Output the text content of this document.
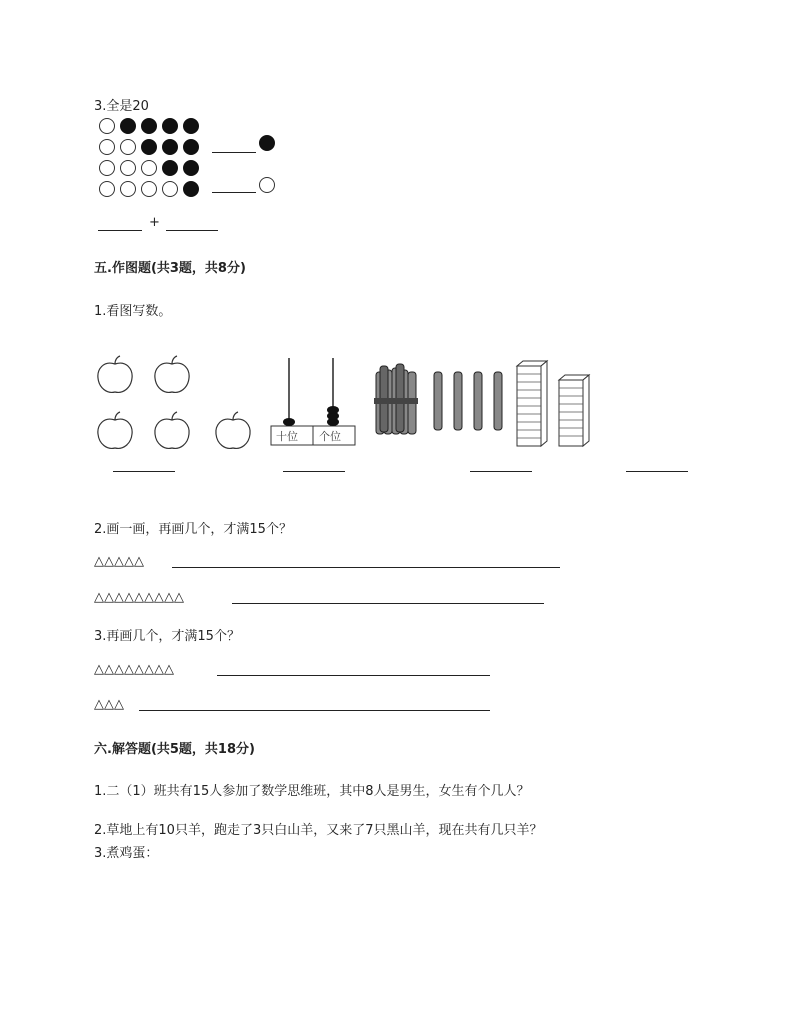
3.全是20
+
五.作图题(共3题，共8分)
1.看图写数。
十位 个位
2.画一画，再画几个，才满15个？
△△△△△
△△△△△△△△△
3.再画几个，才满15个？
△△△△△△△△
△△△
六.解答题(共5题，共18分)
1.二（1）班共有15人参加了数学思维班，其中8人是男生，女生有个几人？
2.草地上有10只羊，跑走了3只白山羊，又来了7只黑山羊，现在共有几只羊？
3.煮鸡蛋：
